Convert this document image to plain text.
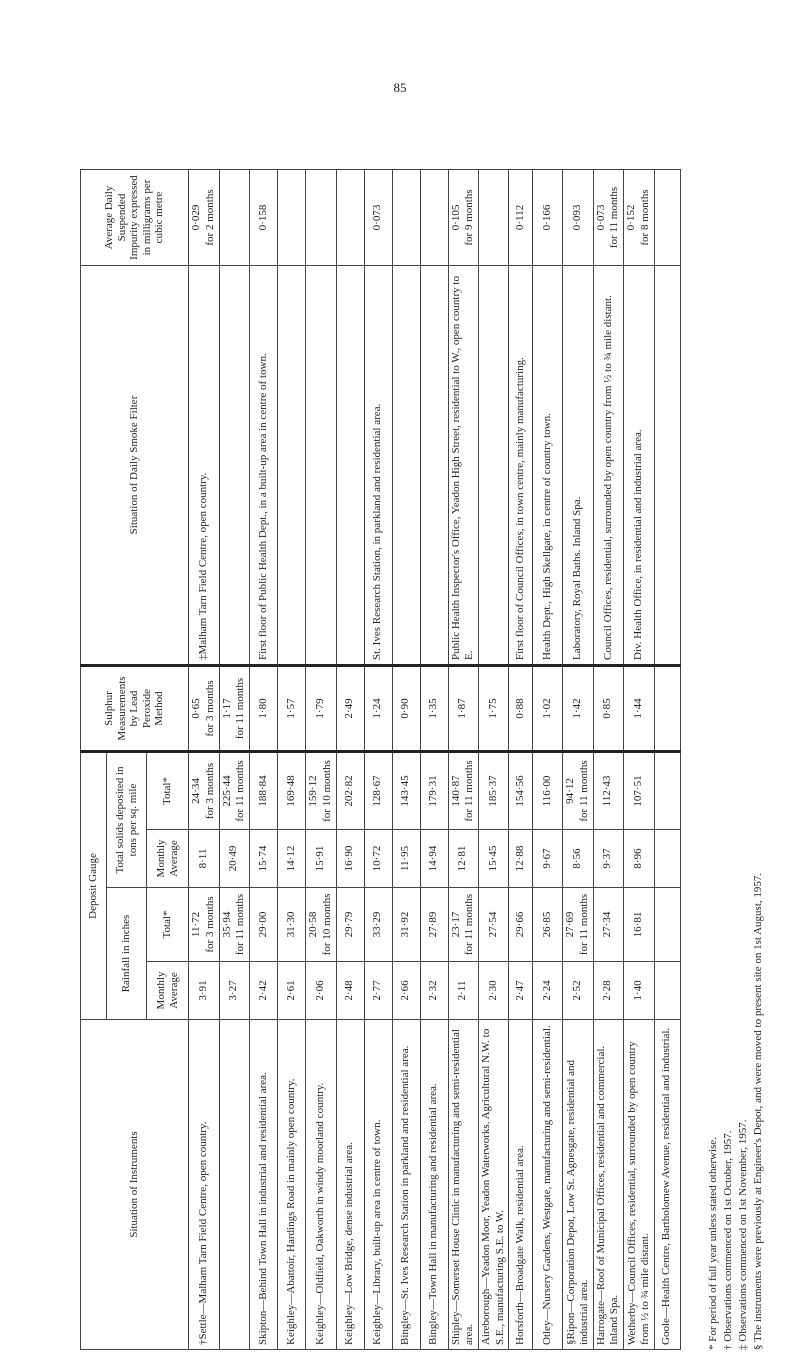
85
Situation of Instruments	Deposit Gauge				Sulphur Measurements by Lead Peroxide Method	Situation of Daily Smoke Filter	Average Daily Suspended Impurity expressed in milligrams per cubic metre
	Rainfall in inches		Total solids deposited in tons per sq. mile				
	Monthly Average	Total*	Monthly Average	Total*			

†Settle—Malham Tarn Field Centre, open country.	3·91	11·72 for 3 months	8·11	24·34 for 3 months	0·65 for 3 months	‡Malham Tarn Field Centre, open country.	0·029 for 2 months

	3·27	35·94 for 11 months	20·49	225·44 for 11 months	1·17 for 11 months		

Skipton—Behind Town Hall in industrial and residential area.	2·42	29·00	15·74	188·84	1·80	First floor of Public Health Dept., in a built-up area in centre of town.	0·158

Keighley—Abattoir, Hardings Road in mainly open country.	2·61	31·30	14·12	169·48	1·57		

Keighley—Oldfield, Oakworth in windy moorland country.	2·06	20·58 for 10 months	15·91	159·12 for 10 months	1·79		

Keighley—Low Bridge, dense industrial area.	2·48	29·79	16·90	202·82	2·49		

Keighley—Library, built-up area in centre of town.	2·77	33·29	10·72	128·67	1·24	St. Ives Research Station, in parkland and residential area.	0·073

Bingley—St. Ives Research Station in parkland and residential area.	2·66	31·92	11·95	143·45	0·90		

Bingley—Town Hall in manufacturing and residential area.	2·32	27·89	14·94	179·31	1·35		

Shipley—Somerset House Clinic in manufacturing and semi-residential area.	2·11	23·17 for 11 months	12·81	140·87 for 11 months	1·87	Public Health Inspector's Office, Yeadon High Street, residential to W., open country to E.	0·105 for 9 months

Aireborough—Yeadon Moor, Yeadon Waterworks. Agricultural N.W. to S.E., manufacturing S.E. to W.	2·30	27·54	15·45	185·37	1·75		

Horsforth—Broadgate Walk, residential area.	2·47	29·66	12·88	154·56	0·88	First floor of Council Offices, in town centre, mainly manufacturing.	0·112

Otley—Nursery Gardens, Westgate, manufacturing and semi-residential.	2·24	26·85	9·67	116·00	1·02	Health Dept., High Skellgate, in centre of country town.	0·166

§Ripon—Corporation Depot, Low St. Agnesgate, residential and industrial area.	2·52	27·69 for 11 months	8·56	94·12 for 11 months	1·42	Laboratory, Royal Baths. Inland Spa.	0·093

Harrogate—Roof of Municipal Offices, residential and commercial. Inland Spa.	2·28	27·34	9·37	112·43	0·85	Council Offices, residential, surrounded by open country from ½ to ¾ mile distant.	0·073 for 11 months

Wetherby—Council Offices, residential, surrounded by open country from ½ to ¾ mile distant.	1·40	16·81	8·96	107·51	1·44	Div. Health Office, in residential and industrial area.	0·152 for 8 months

Goole—Health Centre, Bartholomew Avenue, residential and industrial.							

		* For period of full year unless stated otherwise. † Observations commenced on 1st October, 1957. ‡ Observations commenced on 1st November, 1957. § The instruments were previously at Engineer's Depot, and were moved to present site on 1st August, 1957.
